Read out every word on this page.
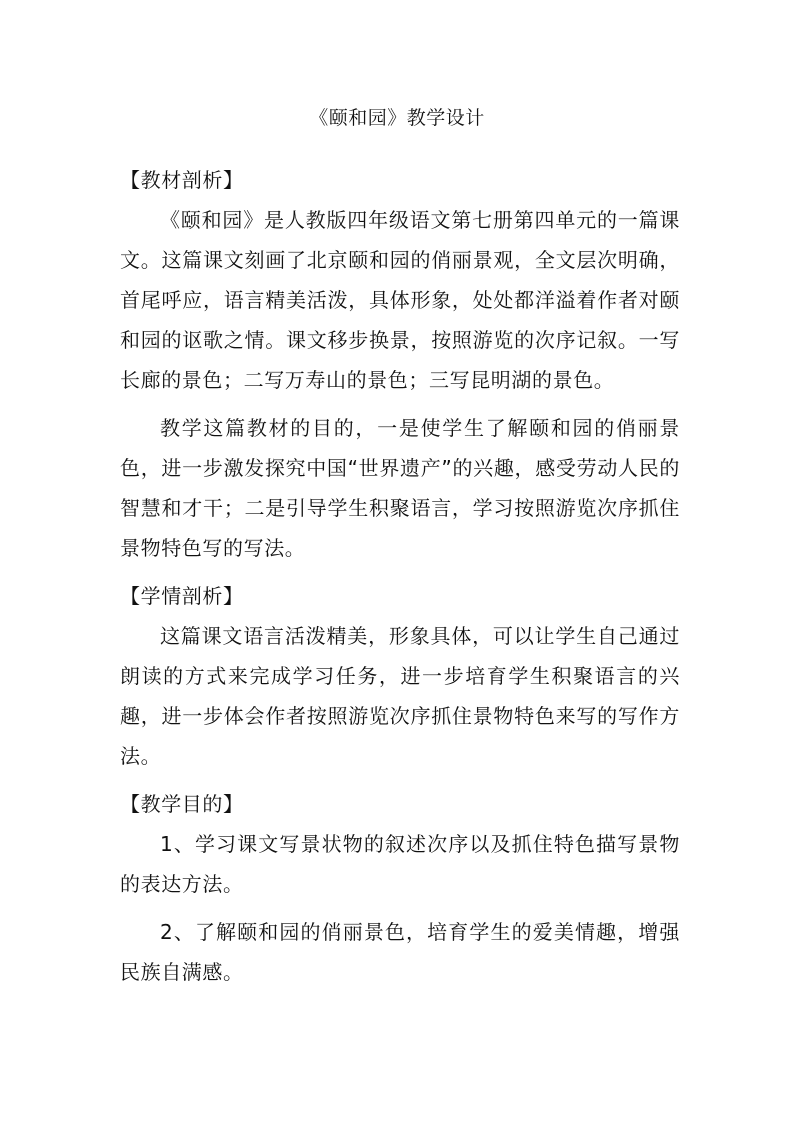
《颐和园》教学设计

【教材剖析】

《颐和园》是人教版四年级语文第七册第四单元的一篇课文。这篇课文刻画了北京颐和园的俏丽景观，全文层次明确，首尾呼应，语言精美活泼，具体形象，处处都洋溢着作者对颐和园的讴歌之情。课文移步换景，按照游览的次序记叙。一写长廊的景色；二写万寿山的景色；三写昆明湖的景色。

教学这篇教材的目的，一是使学生了解颐和园的俏丽景色，进一步激发探究中国“世界遗产”的兴趣，感受劳动人民的智慧和才干；二是引导学生积聚语言，学习按照游览次序抓住景物特色写的写法。

【学情剖析】

这篇课文语言活泼精美，形象具体，可以让学生自己通过朗读的方式来完成学习任务，进一步培育学生积聚语言的兴趣，进一步体会作者按照游览次序抓住景物特色来写的写作方法。

【教学目的】

1、学习课文写景状物的叙述次序以及抓住特色描写景物的表达方法。

2、了解颐和园的俏丽景色，培育学生的爱美情趣，增强民族自满感。
